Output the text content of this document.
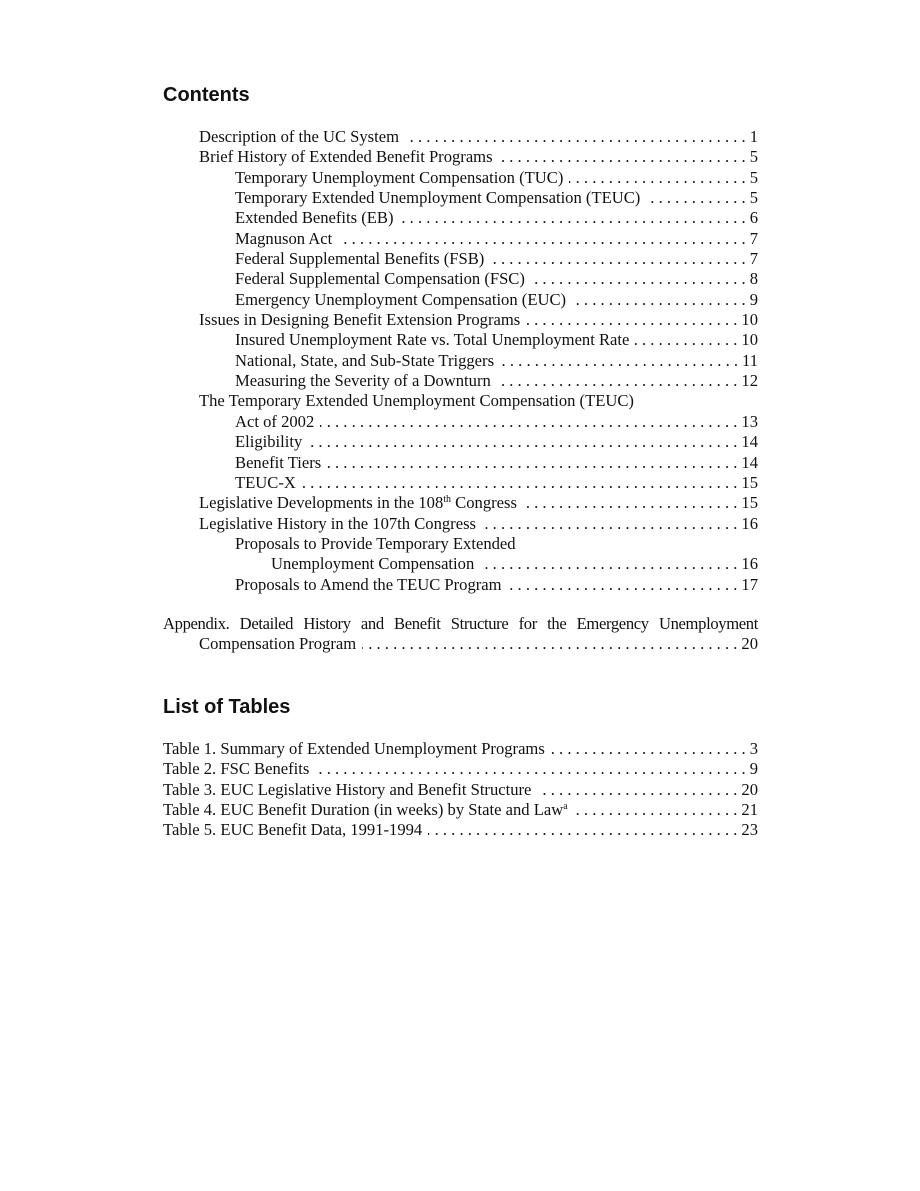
Contents
Description of the UC System . . .	1
Brief History of Extended Benefit Programs . . .	5
Temporary Unemployment Compensation (TUC) . . .	5
Temporary Extended Unemployment Compensation (TEUC) . . .	5
Extended Benefits (EB) . . .	6
Magnuson Act . . .	7
Federal Supplemental Benefits (FSB) . . .	7
Federal Supplemental Compensation (FSC) . . .	8
Emergency Unemployment Compensation (EUC) . . .	9
Issues in Designing Benefit Extension Programs . . .	10
Insured Unemployment Rate vs. Total Unemployment Rate . . .	10
National, State, and Sub-State Triggers . . .	11
Measuring the Severity of a Downturn . . .	12
The Temporary Extended Unemployment Compensation (TEUC)
Act of 2002 . . .	13
Eligibility . . .	14
Benefit Tiers . . .	14
TEUC-X . . .	15
Legislative Developments in the 108th Congress . . .	15
Legislative History in the 107th Congress . . .	16
Proposals to Provide Temporary Extended
Unemployment Compensation . . .	16
Proposals to Amend the TEUC Program . . .	17
Appendix. Detailed History and Benefit Structure for the Emergency Unemployment
Compensation Program . . .	20
List of Tables
Table 1. Summary of Extended Unemployment Programs . . .	3
Table 2. FSC Benefits . . .	9
Table 3. EUC Legislative History and Benefit Structure . . .	20
Table 4. EUC Benefit Duration (in weeks) by State and Law$^a$ . . .	21
Table 5. EUC Benefit Data, 1991-1994 . . .	23
